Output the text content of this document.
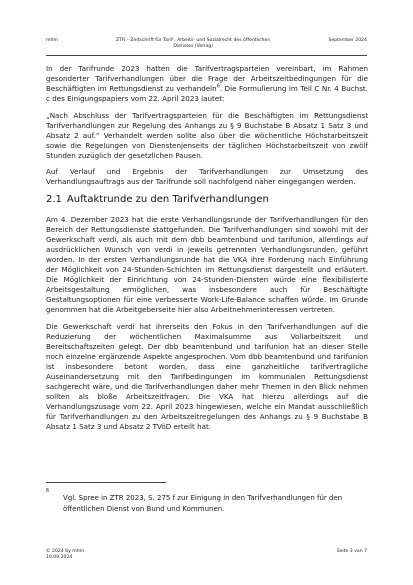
mhm	ZTR – Zeitschrift für Tarif-, Arbeits- und Sozialrecht des öffentlichen
Dienstes (Verlag)
September 2024

In der Tarifrunde 2023 hatten die Tarifvertragsparteien vereinbart, im Rahmen gesonderter Tarifverhandlungen über die Frage der Arbeitszeitbedingungen für die Beschäftigten im Rettungsdienst zu verhandeln$^6$. Die Formulierung im Teil C Nr. 4 Buchst. c des Einigungspapiers vom 22. April 2023 lautet:

„Nach Abschluss der Tarifvertragsparteien für die Beschäftigten im Rettungsdienst Tarifverhandlungen zur Regelung des Anhangs zu § 9 Buchstabe B Absatz 1 Satz 3 und Absatz 2 auf.“ Verhandelt werden sollte also über die wöchentliche Höchstarbeitszeit sowie die Regelungen von Dienstenjenseits der täglichen Höchstarbeitszeit von zwölf Stunden zuzüglich der gesetzlichen Pausen.

Auf Verlauf und Ergebnis der Tarifverhandlungen zur Umsetzung des Verhandlungsauftrags aus der Tarifrunde soll nachfolgend näher eingegangen werden.

2.1 Auftaktrunde zu den Tarifverhandlungen

Am 4. Dezember 2023 hat die erste Verhandlungsrunde der Tarifverhandlungen für den Bereich der Rettungsdienste stattgefunden. Die Tarifverhandlungen sind sowohl mit der Gewerkschaft verdi, als auch mit dem dbb beamtenbund und tarifunion, allerdings auf ausdrücklichen Wunsch von verdi in jeweils getrennten Verhandlungsrunden, geführt worden. In der ersten Verhandlungsrunde hat die VKA ihre Forderung nach Einführung der Möglichkeit von 24-Stunden-Schichten im Rettungsdienst dargestellt und erläutert. Die Möglichkeit der Einrichtung von 24-Stunden-Diensten würde eine flexibilisierte Arbeitsgestaltung ermöglichen, was insbesondere auch für Beschäftigte Gestaltungsoptionen für eine verbesserte Work-Life-Balance schaffen würde. Im Grunde genommen hat die Arbeitgeberseite hier also Arbeitnehmerinteressen vertreten.

Die Gewerkschaft verdi hat ihrerseits den Fokus in den Tarifverhandlungen auf die Reduzierung der wöchentlichen Maximalsumme aus Vollarbeitszeit und Bereitschaftszeiten gelegt. Der dbb beamtenbund und tarifunion hat an dieser Stelle noch einzelne ergänzende Aspekte angesprochen. Vom dbb beamtenbund und tarifunion ist insbesondere betont worden, dass eine ganzheitliche tarifvertragliche Auseinandersetzung mit den Tarifbedingungen im kommunalen Rettungsdienst sachgerecht wäre, und die Tarifverhandlungen daher mehr Themen in den Blick nehmen sollten als bloße Arbeitszeitfragen. Die VKA hat hierzu allerdings auf die Verhandlungszusage vom 22. April 2023 hingewiesen, welche ein Mandat ausschließlich für Tarifverhandlungen zu den Arbeitszeitregelungen des Anhangs zu § 9 Buchstabe B Absatz 1 Satz 3 und Absatz 2 TVöD erteilt hat.

6
Vgl. Spree in ZTR 2023, S. 275 f zur Einigung in den Tarifverhandlungen für den öffentlichen Dienst von Bund und Kommunen.
© 2024 by mhm
10.09.2024
Seite 3 von 7
